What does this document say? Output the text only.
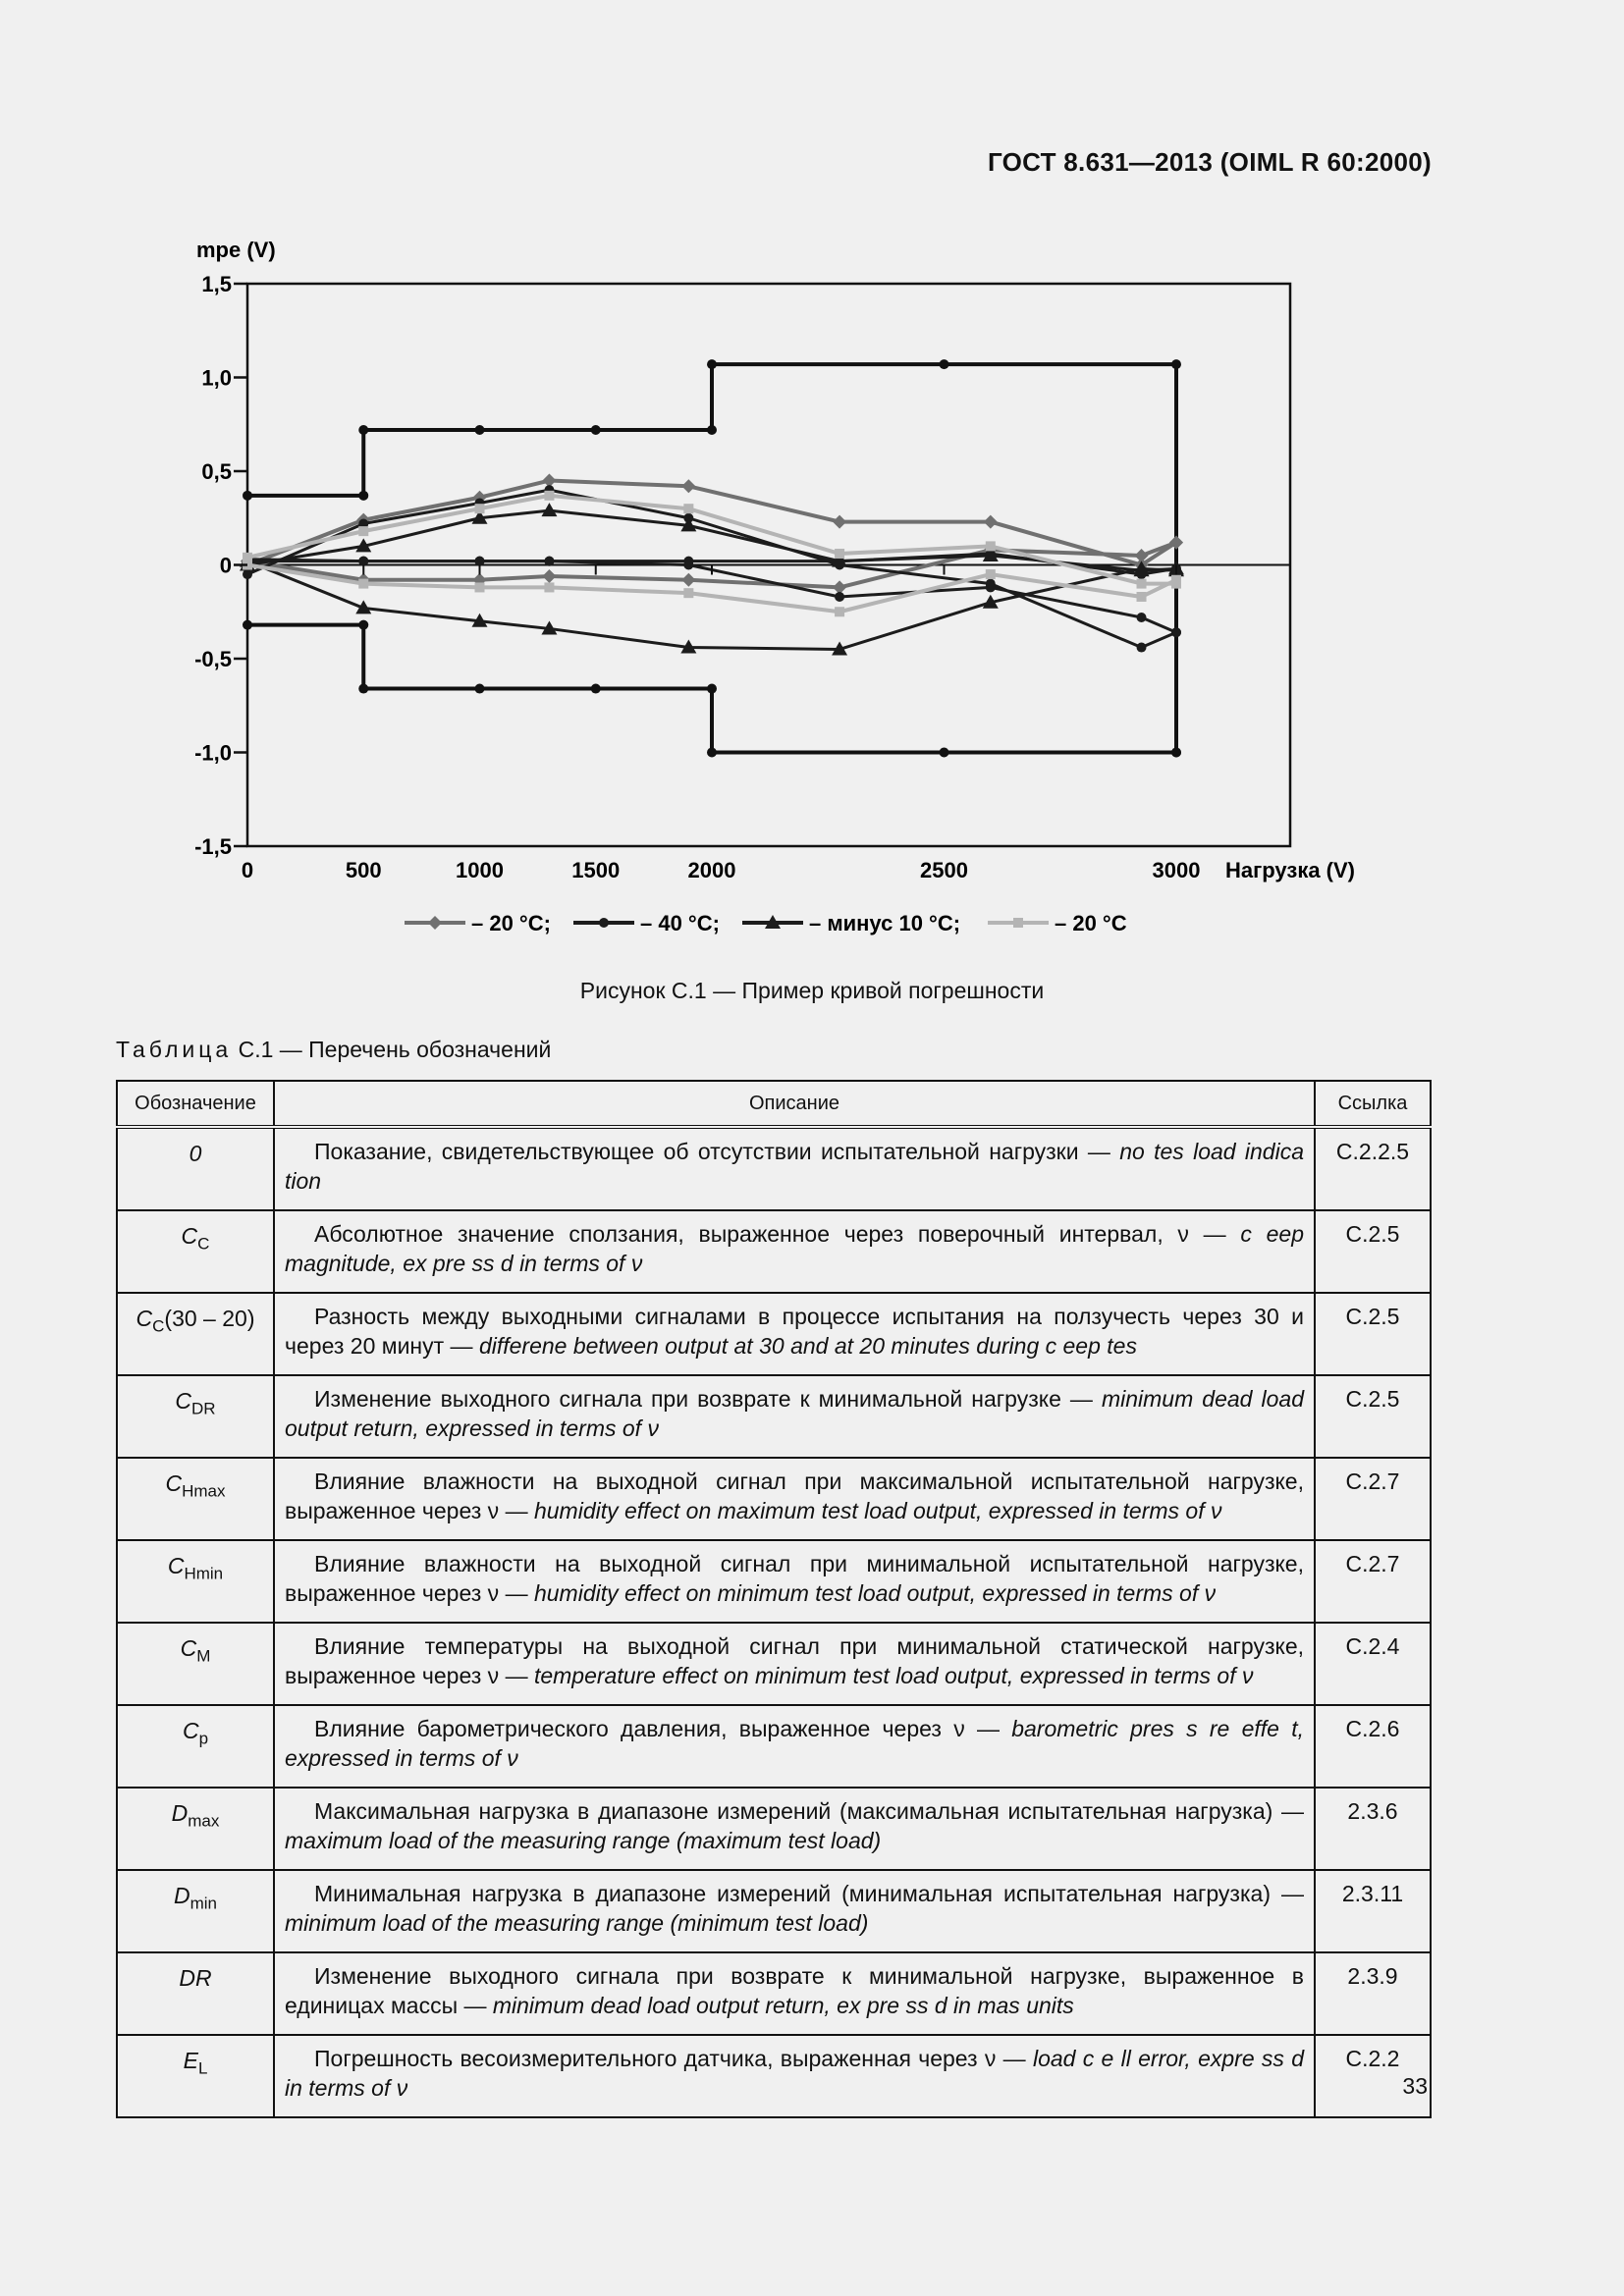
ГОСТ 8.631—2013 (OIML R 60:2000)
1,5
1,0
0,5
0
-0,5
-1,0
-1,5
0	500	1000	1500	2000	2500	3000
mpe (V)
Нагрузка (V)
– 20 °C;	– 40 °C;	– минус 10 °C;	– 20 °C
Рисунок С.1 — Пример кривой погрешности
Таблица С.1 — Перечень обозначений
Обозначение	Описание	Ссылка
0	Показание, свидетельствующее об отсутствии испытательной нагрузки — no tes load indica tion	C.2.2.5
$C_C$	Абсолютное значение сползания, выраженное через поверочный интервал, ν — c eep magnitude, ex pre ss d in terms of ν	C.2.5
$C_C(30 - 20)$	Разность между выходными сигналами в процессе испытания на ползучесть через 30 и через 20 минут — differene between output at 30 and at 20 minutes during c eep tes	C.2.5
$C_{DR}$	Изменение выходного сигнала при возврате к минимальной нагрузке — minimum dead load output return, expressed in terms of ν	C.2.5
$C_{Hmax}$	Влияние влажности на выходной сигнал при максимальной испытательной нагрузке, выраженное через ν — humidity effect on maximum test load output, expressed in terms of ν	C.2.7
$C_{Hmin}$	Влияние влажности на выходной сигнал при минимальной испытательной нагрузке, выраженное через ν — humidity effect on minimum test load output, expressed in terms of ν	C.2.7
$C_M$	Влияние температуры на выходной сигнал при минимальной статической нагрузке, выраженное через ν — temperature effect on minimum test load output, expressed in terms of ν	C.2.4
$C_p$	Влияние барометрического давления, выраженное через ν — barometric pres s re effe t, expressed in terms of ν	C.2.6
$D_{max}$	Максимальная нагрузка в диапазоне измерений (максимальная испытательная нагрузка) — maximum load of the measuring range (maximum test load)	2.3.6
$D_{min}$	Минимальная нагрузка в диапазоне измерений (минимальная испытательная нагрузка) — minimum load of the measuring range (minimum test load)	2.3.11
DR	Изменение выходного сигнала при возврате к минимальной нагрузке, выраженное в единицах массы — minimum dead load output return, ex pre ss d in mas units	2.3.9
$E_L$	Погрешность весоизмерительного датчика, выраженная через ν — load c e ll error, expre ss d in terms of ν	C.2.2
33
